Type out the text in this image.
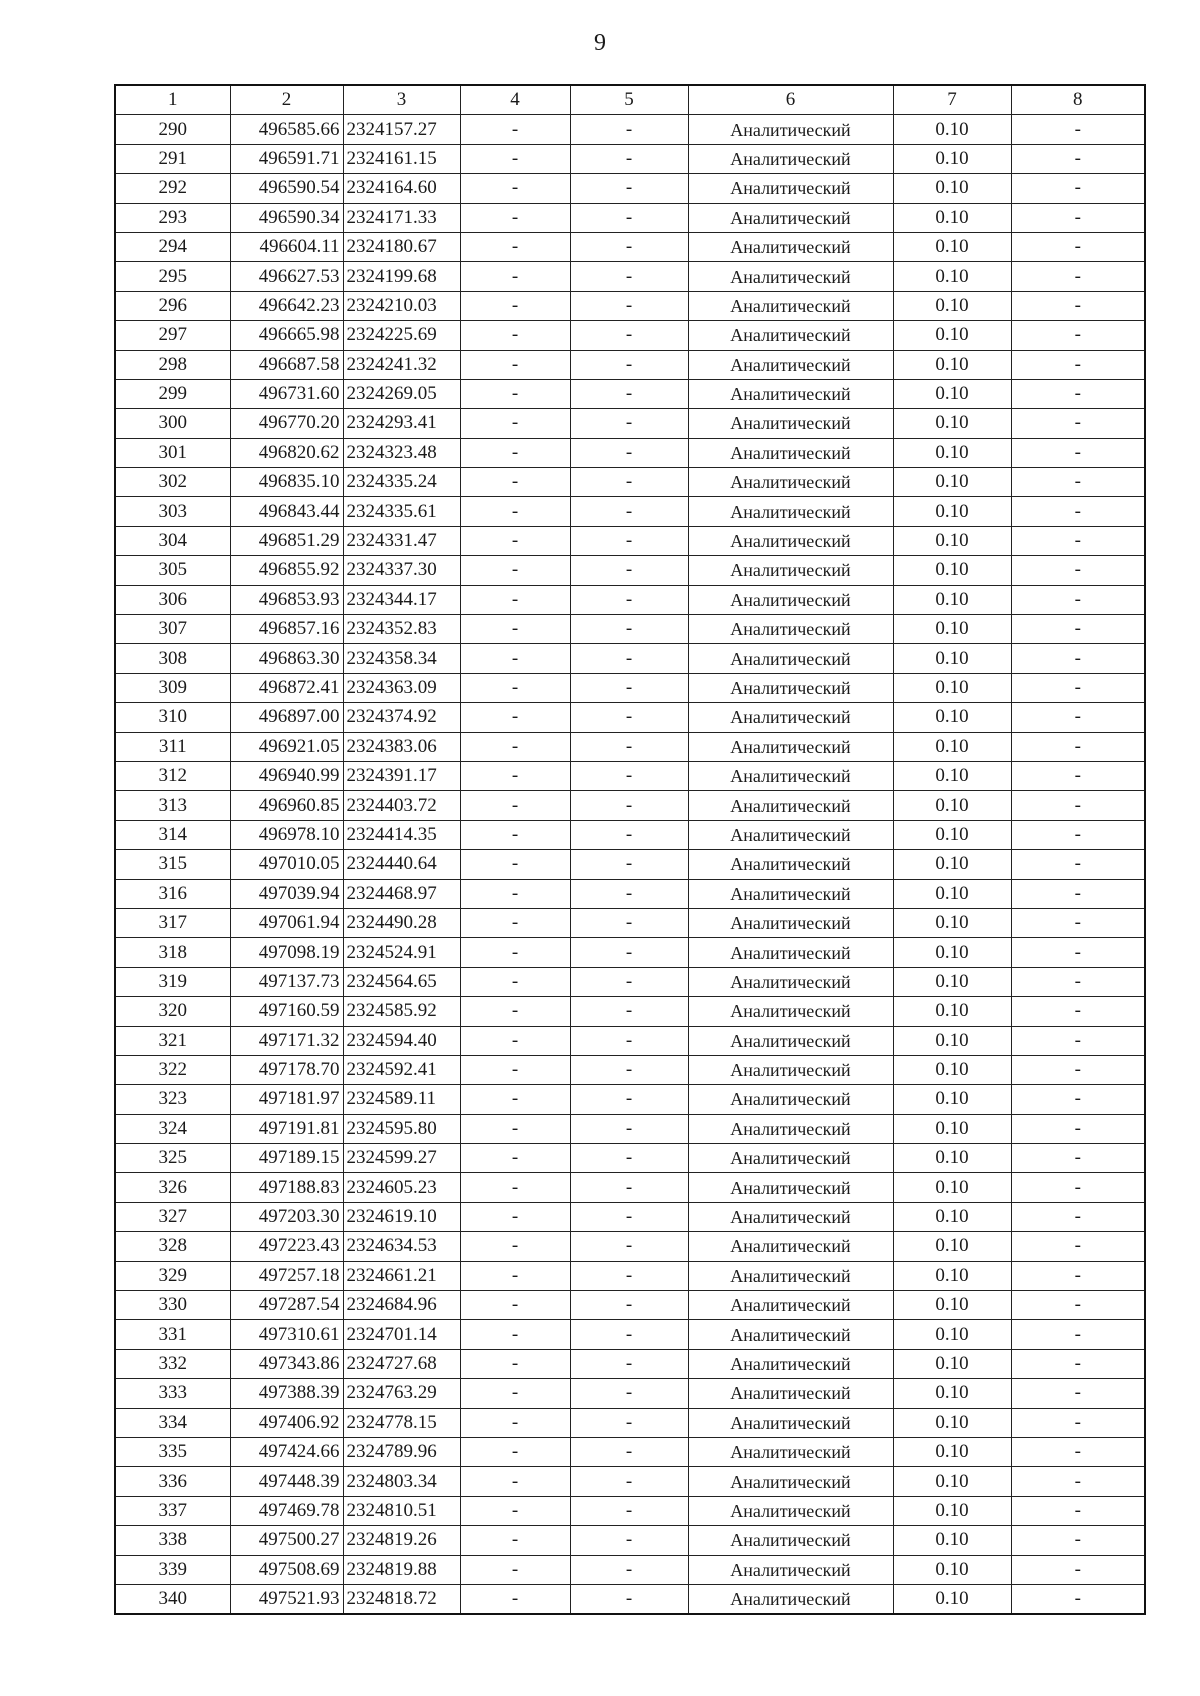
9
1	2	3	4	5	6	7	8
290	496585.66	2324157.27	-	-	Аналитический	0.10	-
291	496591.71	2324161.15	-	-	Аналитический	0.10	-
292	496590.54	2324164.60	-	-	Аналитический	0.10	-
293	496590.34	2324171.33	-	-	Аналитический	0.10	-
294	496604.11	2324180.67	-	-	Аналитический	0.10	-
295	496627.53	2324199.68	-	-	Аналитический	0.10	-
296	496642.23	2324210.03	-	-	Аналитический	0.10	-
297	496665.98	2324225.69	-	-	Аналитический	0.10	-
298	496687.58	2324241.32	-	-	Аналитический	0.10	-
299	496731.60	2324269.05	-	-	Аналитический	0.10	-
300	496770.20	2324293.41	-	-	Аналитический	0.10	-
301	496820.62	2324323.48	-	-	Аналитический	0.10	-
302	496835.10	2324335.24	-	-	Аналитический	0.10	-
303	496843.44	2324335.61	-	-	Аналитический	0.10	-
304	496851.29	2324331.47	-	-	Аналитический	0.10	-
305	496855.92	2324337.30	-	-	Аналитический	0.10	-
306	496853.93	2324344.17	-	-	Аналитический	0.10	-
307	496857.16	2324352.83	-	-	Аналитический	0.10	-
308	496863.30	2324358.34	-	-	Аналитический	0.10	-
309	496872.41	2324363.09	-	-	Аналитический	0.10	-
310	496897.00	2324374.92	-	-	Аналитический	0.10	-
311	496921.05	2324383.06	-	-	Аналитический	0.10	-
312	496940.99	2324391.17	-	-	Аналитический	0.10	-
313	496960.85	2324403.72	-	-	Аналитический	0.10	-
314	496978.10	2324414.35	-	-	Аналитический	0.10	-
315	497010.05	2324440.64	-	-	Аналитический	0.10	-
316	497039.94	2324468.97	-	-	Аналитический	0.10	-
317	497061.94	2324490.28	-	-	Аналитический	0.10	-
318	497098.19	2324524.91	-	-	Аналитический	0.10	-
319	497137.73	2324564.65	-	-	Аналитический	0.10	-
320	497160.59	2324585.92	-	-	Аналитический	0.10	-
321	497171.32	2324594.40	-	-	Аналитический	0.10	-
322	497178.70	2324592.41	-	-	Аналитический	0.10	-
323	497181.97	2324589.11	-	-	Аналитический	0.10	-
324	497191.81	2324595.80	-	-	Аналитический	0.10	-
325	497189.15	2324599.27	-	-	Аналитический	0.10	-
326	497188.83	2324605.23	-	-	Аналитический	0.10	-
327	497203.30	2324619.10	-	-	Аналитический	0.10	-
328	497223.43	2324634.53	-	-	Аналитический	0.10	-
329	497257.18	2324661.21	-	-	Аналитический	0.10	-
330	497287.54	2324684.96	-	-	Аналитический	0.10	-
331	497310.61	2324701.14	-	-	Аналитический	0.10	-
332	497343.86	2324727.68	-	-	Аналитический	0.10	-
333	497388.39	2324763.29	-	-	Аналитический	0.10	-
334	497406.92	2324778.15	-	-	Аналитический	0.10	-
335	497424.66	2324789.96	-	-	Аналитический	0.10	-
336	497448.39	2324803.34	-	-	Аналитический	0.10	-
337	497469.78	2324810.51	-	-	Аналитический	0.10	-
338	497500.27	2324819.26	-	-	Аналитический	0.10	-
339	497508.69	2324819.88	-	-	Аналитический	0.10	-
340	497521.93	2324818.72	-	-	Аналитический	0.10	-
